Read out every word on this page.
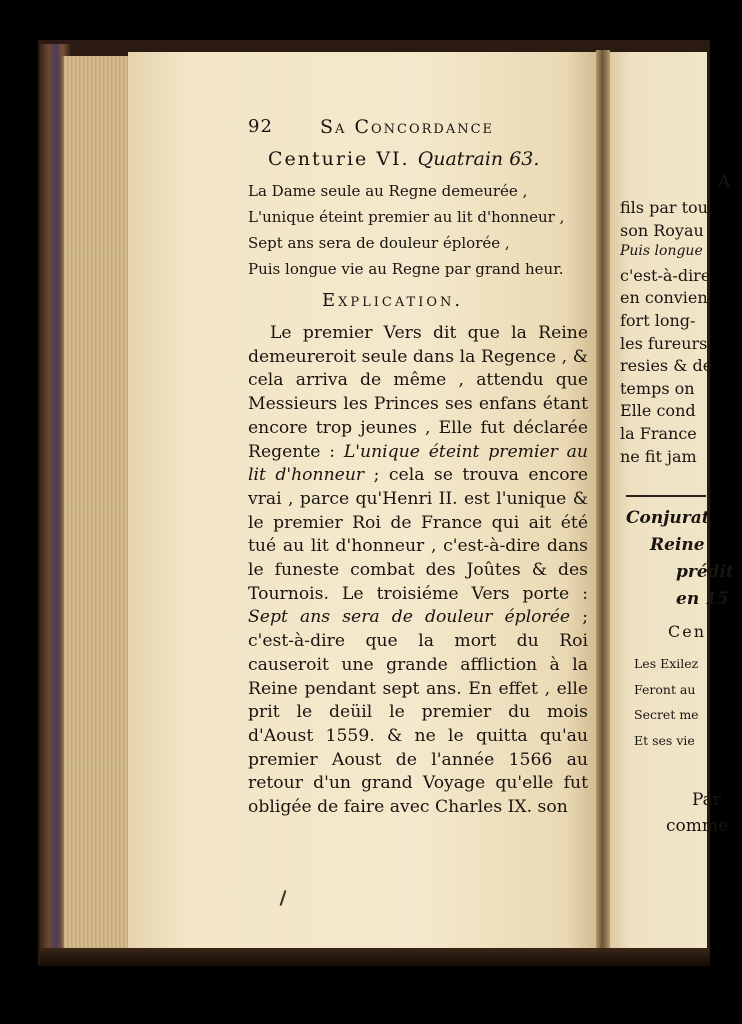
A
fils par tou
son Royau
Puis longue
c'est-à-dire
en convien
fort long-
les fureurs
resies & de
temps on
Elle cond
la France
ne fit jam
Conjurat
Reine
prédit
en 15
Cen
Les Exilez
Feront au
Secret me
Et ses vie
Par
comme
92 Sa Concordance
Centurie VI. Quatrain 63.
La Dame seule au Regne demeurée ,
L'unique éteint premier au lit d'honneur ,
Sept ans sera de douleur éplorée ,
Puis longue vie au Regne par grand heur.
Explication.

Le premier Vers dit que la Reine demeureroit seule dans la Regence , & cela arriva de même , attendu que Messieurs les Princes ses enfans étant encore trop jeunes , Elle fut déclarée Regente : L'unique éteint premier au lit d'honneur ; cela se trouva encore vrai , parce qu'Henri II. est l'unique & le premier Roi de France qui ait été tué au lit d'honneur , c'est-à-dire dans le funeste combat des Joûtes & des Tournois. Le troisiéme Vers porte : Sept ans sera de douleur éplorée ; c'est-à-dire que la mort du Roi causeroit une grande affliction à la Reine pendant sept ans. En effet , elle prit le deüil le premier du mois d'Aoust 1559. & ne le quitta qu'au premier Aoust de l'année 1566 au retour d'un grand Voyage qu'elle fut obligée de faire avec Charles IX. son
